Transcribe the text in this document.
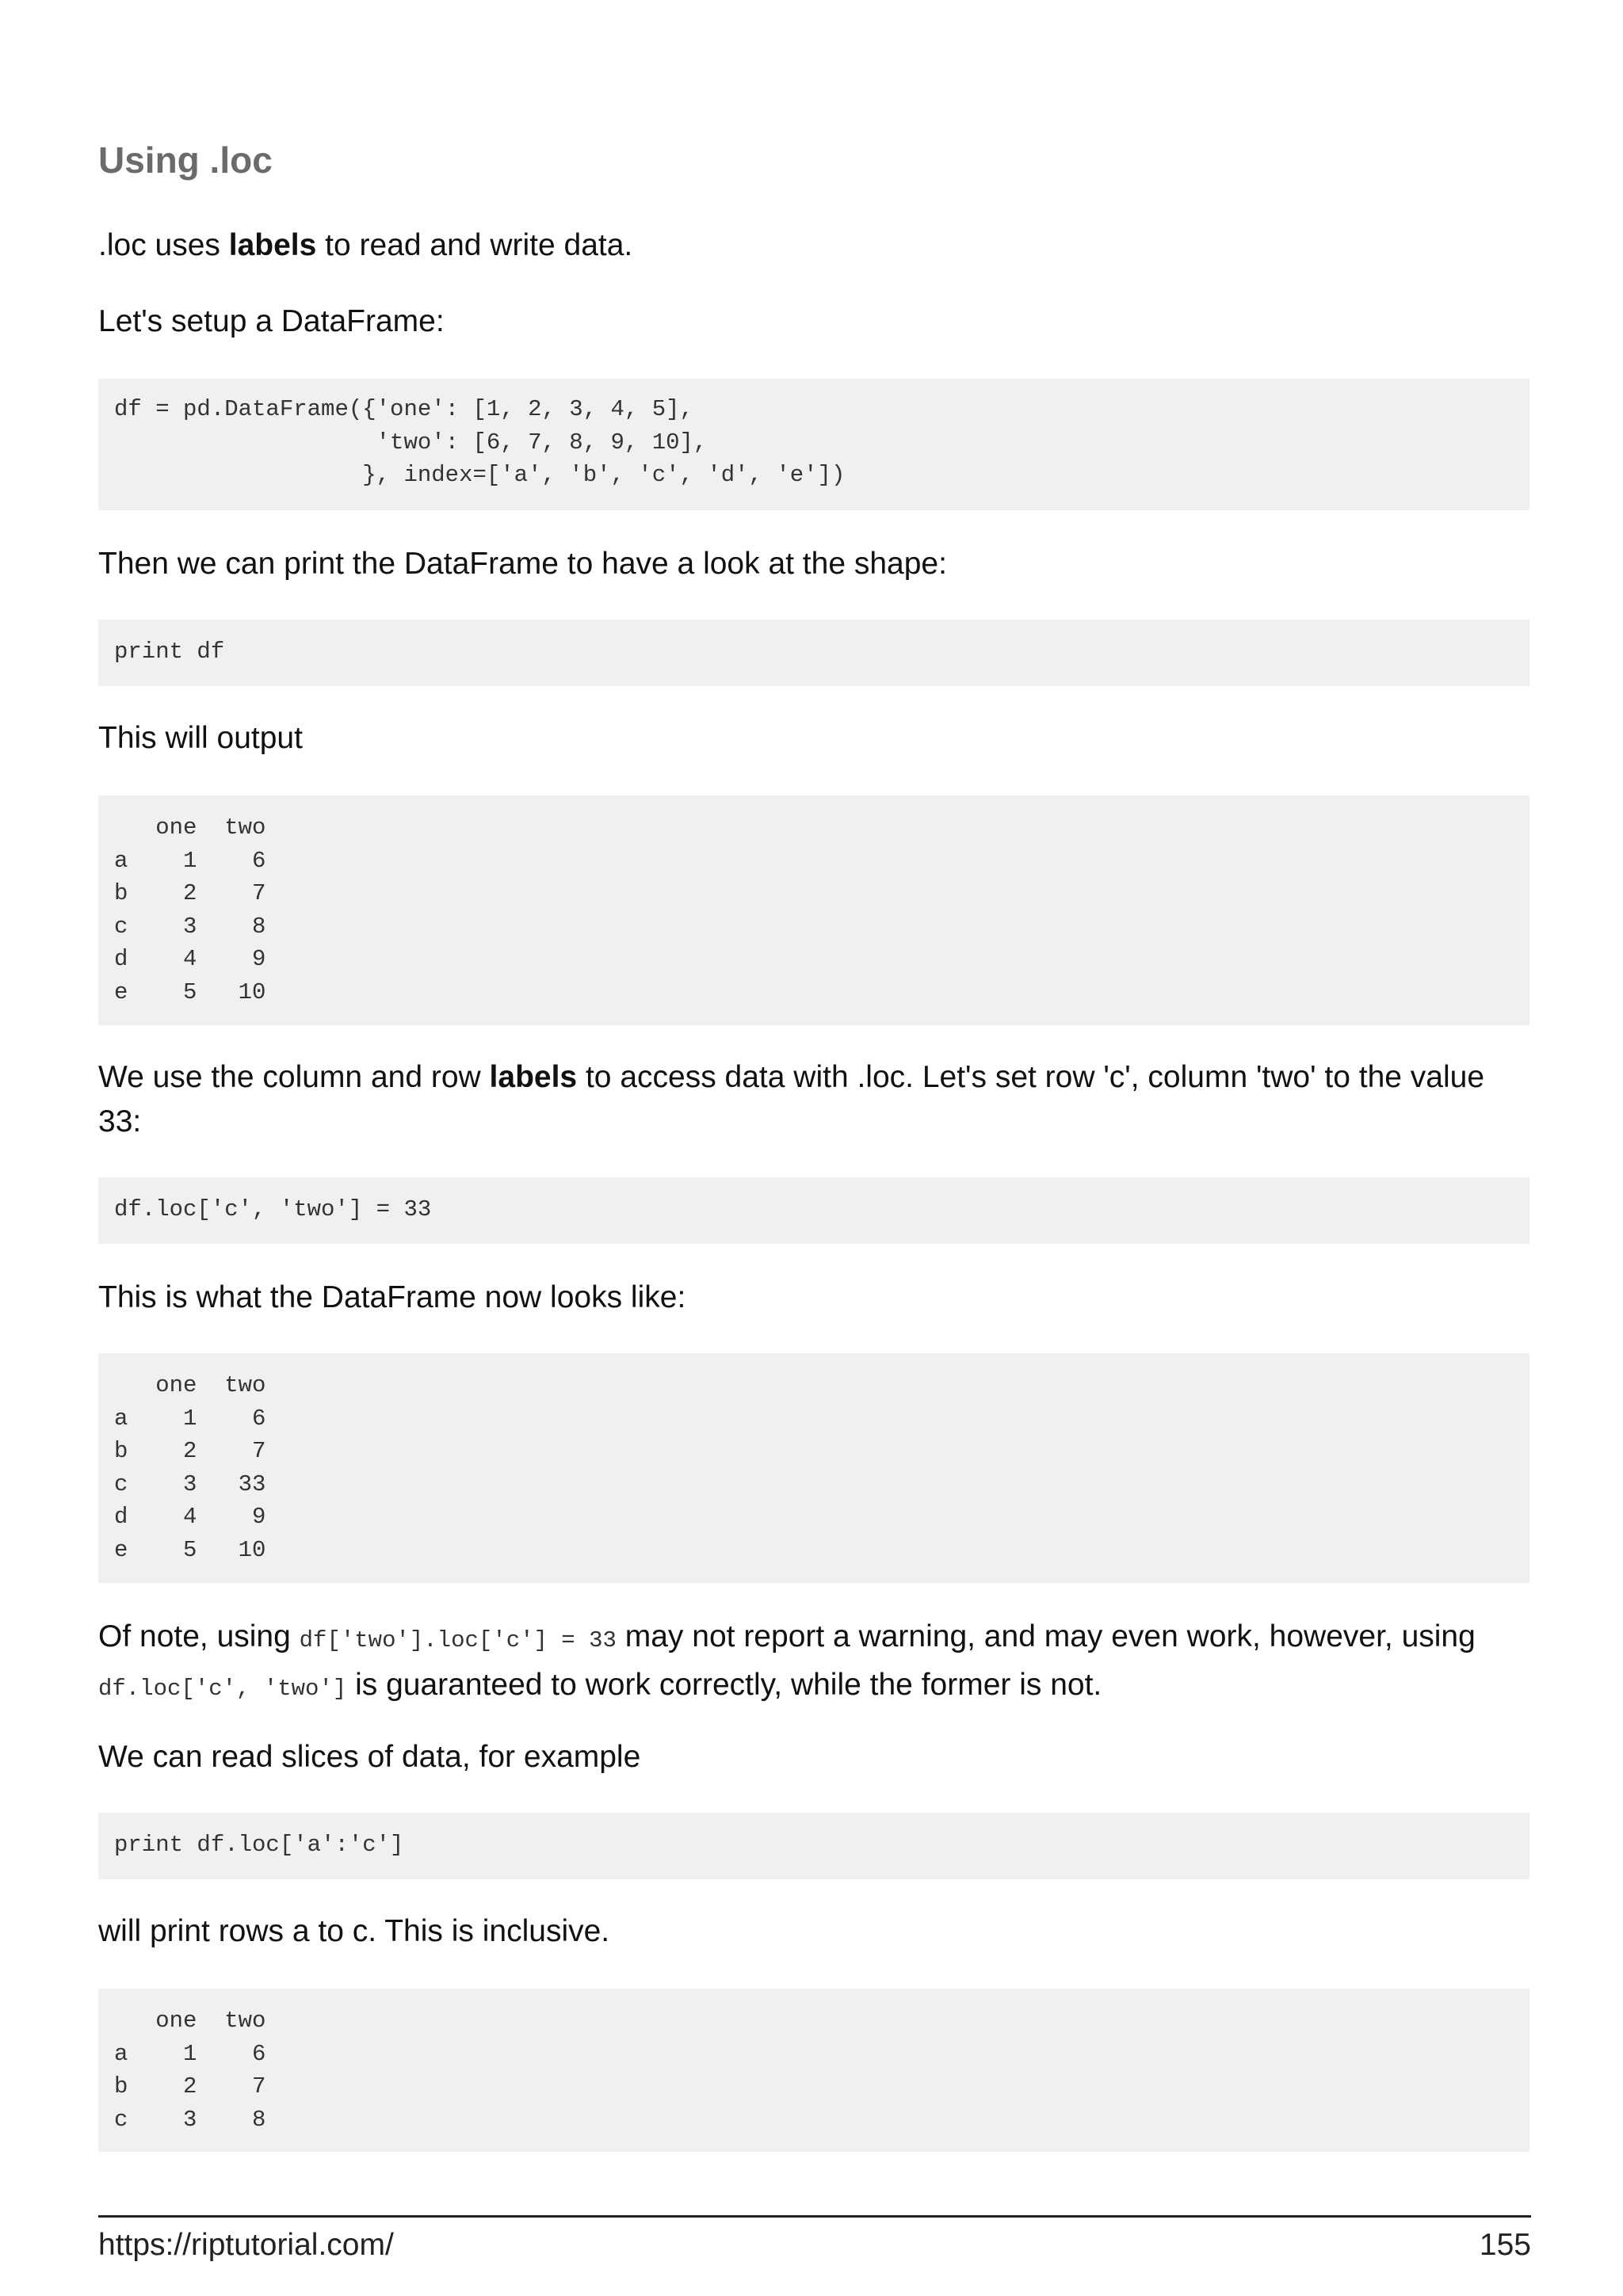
Using .loc

.loc uses labels to read and write data.

Let's setup a DataFrame:

df = pd.DataFrame({'one': [1, 2, 3, 4, 5],
'two': [6, 7, 8, 9, 10],
}, index=['a', 'b', 'c', 'd', 'e'])

Then we can print the DataFrame to have a look at the shape:

print df

This will output

one  two
a    1    6
b    2    7
c    3    8
d    4    9
e    5   10

We use the column and row labels to access data with .loc. Let's set row 'c', column 'two' to the value 33:

df.loc['c', 'two'] = 33

This is what the DataFrame now looks like:

one  two
a    1    6
b    2    7
c    3   33
d    4    9
e    5   10

Of note, using df['two'].loc['c'] = 33 may not report a warning, and may even work, however, using df.loc['c', 'two'] is guaranteed to work correctly, while the former is not.

We can read slices of data, for example

print df.loc['a':'c']

will print rows a to c. This is inclusive.

one  two
a    1    6
b    2    7
c    3    8
https://riptutorial.com/	155
